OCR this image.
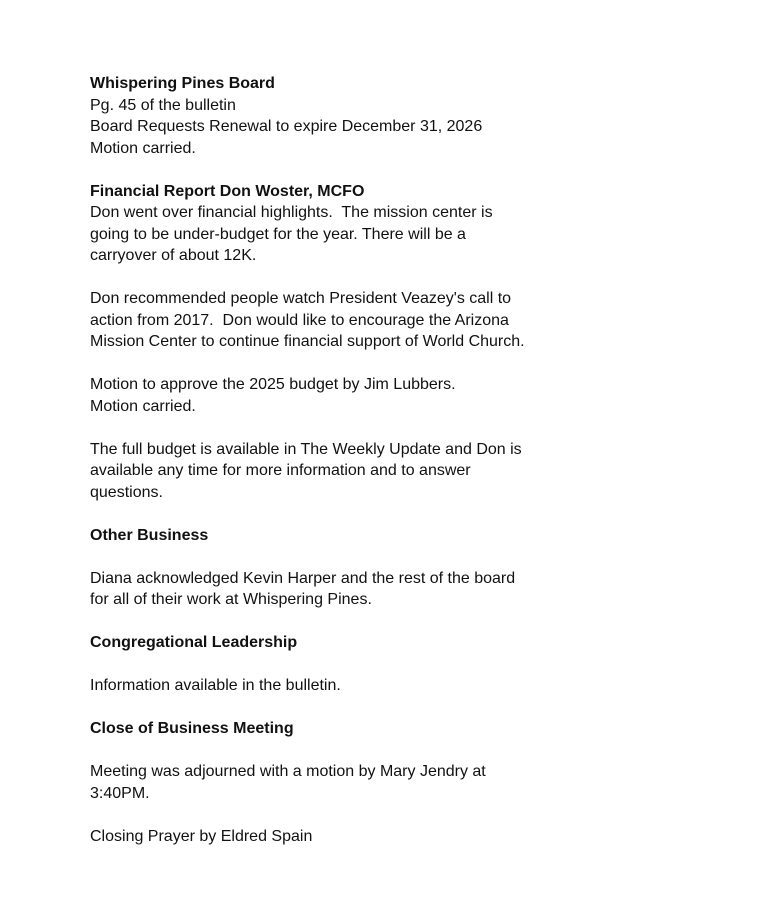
Whispering Pines Board
Pg. 45 of the bulletin
Board Requests Renewal to expire December 31, 2026
Motion carried.
Financial Report Don Woster, MCFO
Don went over financial highlights.  The mission center is
going to be under-budget for the year. There will be a
carryover of about 12K.
Don recommended people watch President Veazey's call to
action from 2017.  Don would like to encourage the Arizona
Mission Center to continue financial support of World Church.
Motion to approve the 2025 budget by Jim Lubbers.
Motion carried.
The full budget is available in The Weekly Update and Don is
available any time for more information and to answer
questions.
Other Business
Diana acknowledged Kevin Harper and the rest of the board
for all of their work at Whispering Pines.
Congregational Leadership
Information available in the bulletin.
Close of Business Meeting
Meeting was adjourned with a motion by Mary Jendry at
3:40PM.
Closing Prayer by Eldred Spain
